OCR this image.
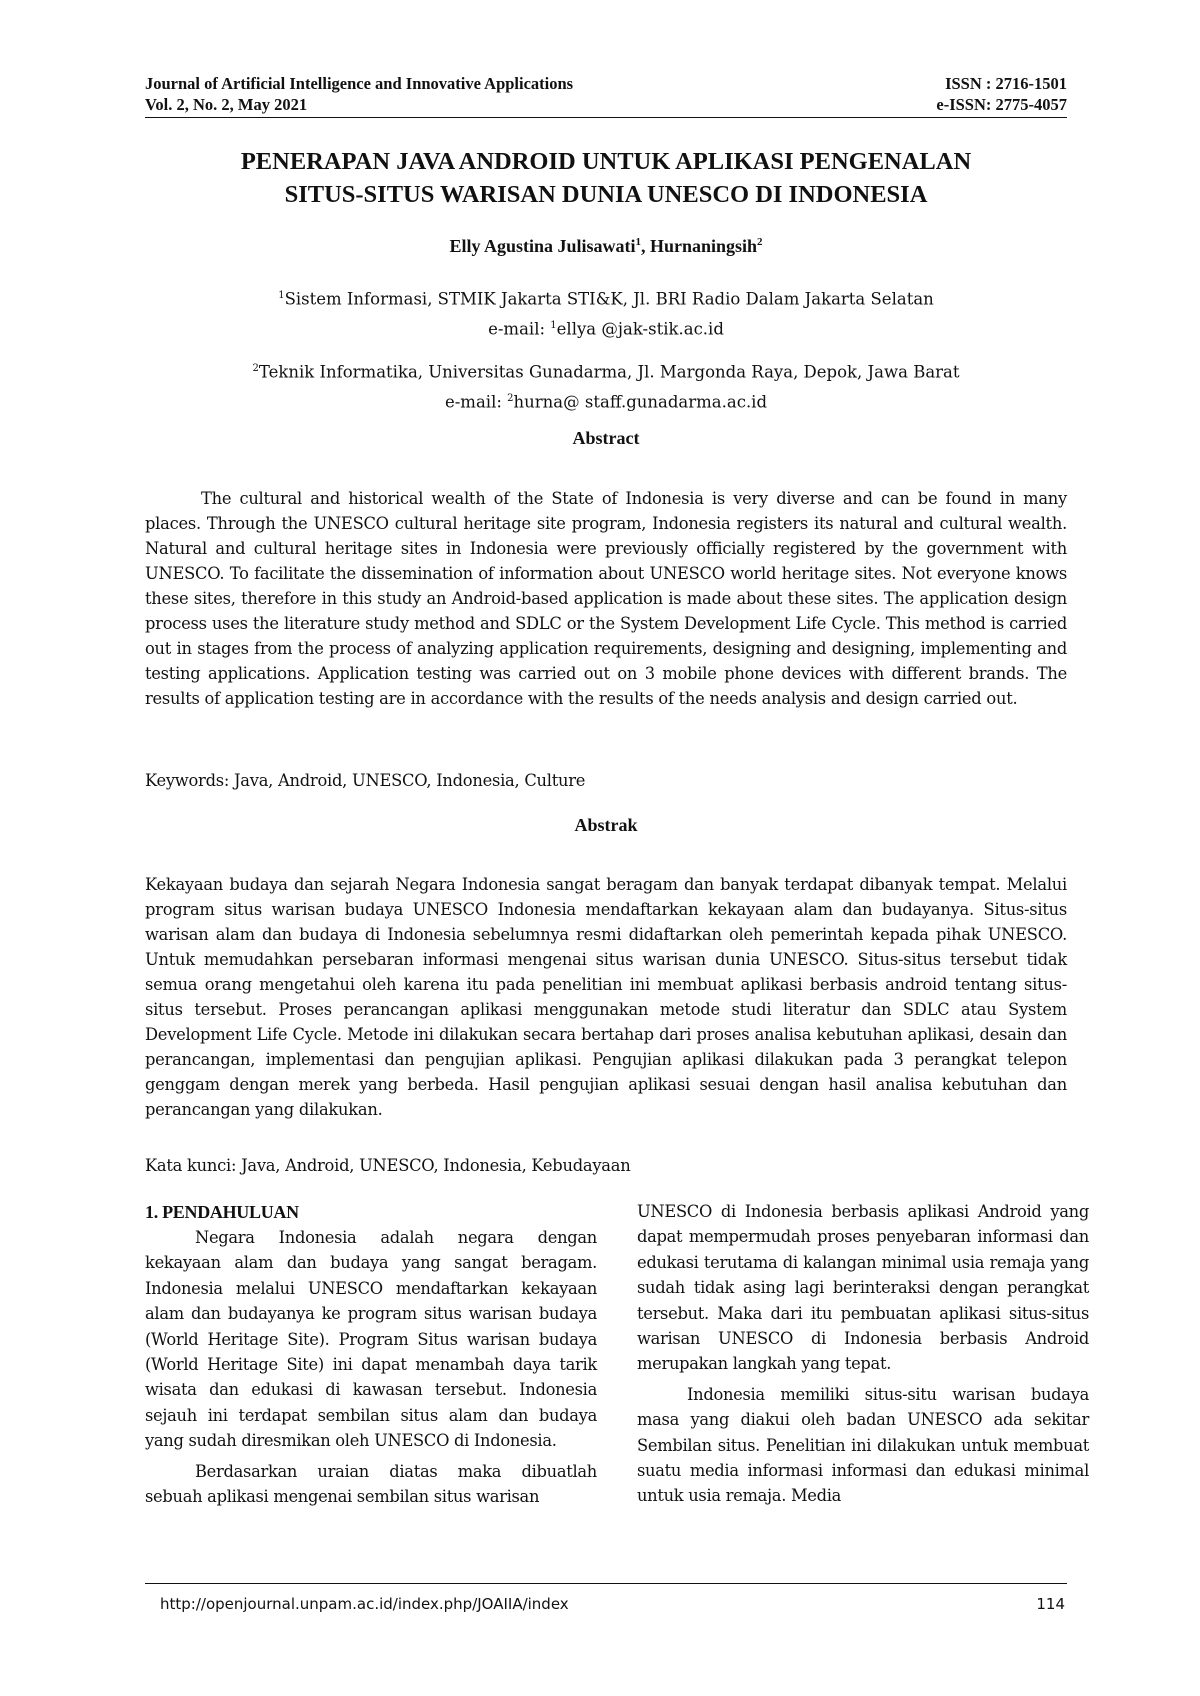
Journal of Artificial Intelligence and Innovative Applications	ISSN : 2716-1501
Vol. 2, No. 2, May 2021	e-ISSN: 2775-4057
PENERAPAN JAVA ANDROID UNTUK APLIKASI PENGENALAN
SITUS-SITUS WARISAN DUNIA UNESCO DI INDONESIA
Elly Agustina Julisawati$^1$, Hurnaningsih$^2$
$^1$Sistem Informasi, STMIK Jakarta STI&K, Jl. BRI Radio Dalam Jakarta Selatan
e-mail: $^1$ellya @jak-stik.ac.id
$^2$Teknik Informatika, Universitas Gunadarma, Jl. Margonda Raya, Depok, Jawa Barat
e-mail: $^2$hurna@ staff.gunadarma.ac.id
Abstract
The cultural and historical wealth of the State of Indonesia is very diverse and can be found in many places. Through the UNESCO cultural heritage site program, Indonesia registers its natural and cultural wealth. Natural and cultural heritage sites in Indonesia were previously officially registered by the government with UNESCO. To facilitate the dissemination of information about UNESCO world heritage sites. Not everyone knows these sites, therefore in this study an Android-based application is made about these sites. The application design process uses the literature study method and SDLC or the System Development Life Cycle. This method is carried out in stages from the process of analyzing application requirements, designing and designing, implementing and testing applications. Application testing was carried out on 3 mobile phone devices with different brands. The results of application testing are in accordance with the results of the needs analysis and design carried out.
Keywords: Java, Android, UNESCO, Indonesia, Culture
Abstrak
Kekayaan budaya dan sejarah Negara Indonesia sangat beragam dan banyak terdapat dibanyak tempat. Melalui program situs warisan budaya UNESCO Indonesia mendaftarkan kekayaan alam dan budayanya. Situs-situs warisan alam dan budaya di Indonesia sebelumnya resmi didaftarkan oleh pemerintah kepada pihak UNESCO. Untuk memudahkan persebaran informasi mengenai situs warisan dunia UNESCO. Situs-situs tersebut tidak semua orang mengetahui oleh karena itu pada penelitian ini membuat aplikasi berbasis android tentang situs-situs tersebut. Proses perancangan aplikasi menggunakan metode studi literatur dan SDLC atau System Development Life Cycle. Metode ini dilakukan secara bertahap dari proses analisa kebutuhan aplikasi, desain dan perancangan, implementasi dan pengujian aplikasi. Pengujian aplikasi dilakukan pada 3 perangkat telepon genggam dengan merek yang berbeda. Hasil pengujian aplikasi sesuai dengan hasil analisa kebutuhan dan perancangan yang dilakukan.
Kata kunci: Java, Android, UNESCO, Indonesia, Kebudayaan
1. PENDAHULUAN

Negara Indonesia adalah negara dengan kekayaan alam dan budaya yang sangat beragam. Indonesia melalui UNESCO mendaftarkan kekayaan alam dan budayanya ke program situs warisan budaya (World Heritage Site). Program Situs warisan budaya (World Heritage Site) ini dapat menambah daya tarik wisata dan edukasi di kawasan tersebut. Indonesia sejauh ini terdapat sembilan situs alam dan budaya yang sudah diresmikan oleh UNESCO di Indonesia.

Berdasarkan uraian diatas maka dibuatlah sebuah aplikasi mengenai sembilan situs warisan

UNESCO di Indonesia berbasis aplikasi Android yang dapat mempermudah proses penyebaran informasi dan edukasi terutama di kalangan minimal usia remaja yang sudah tidak asing lagi berinteraksi dengan perangkat tersebut. Maka dari itu pembuatan aplikasi situs-situs warisan UNESCO di Indonesia berbasis Android merupakan langkah yang tepat.

Indonesia memiliki situs-situ warisan budaya masa yang diakui oleh badan UNESCO ada sekitar Sembilan situs. Penelitian ini dilakukan untuk membuat suatu media informasi informasi dan edukasi minimal untuk usia remaja. Media

http://openjournal.unpam.ac.id/index.php/JOAIIA/index	114
